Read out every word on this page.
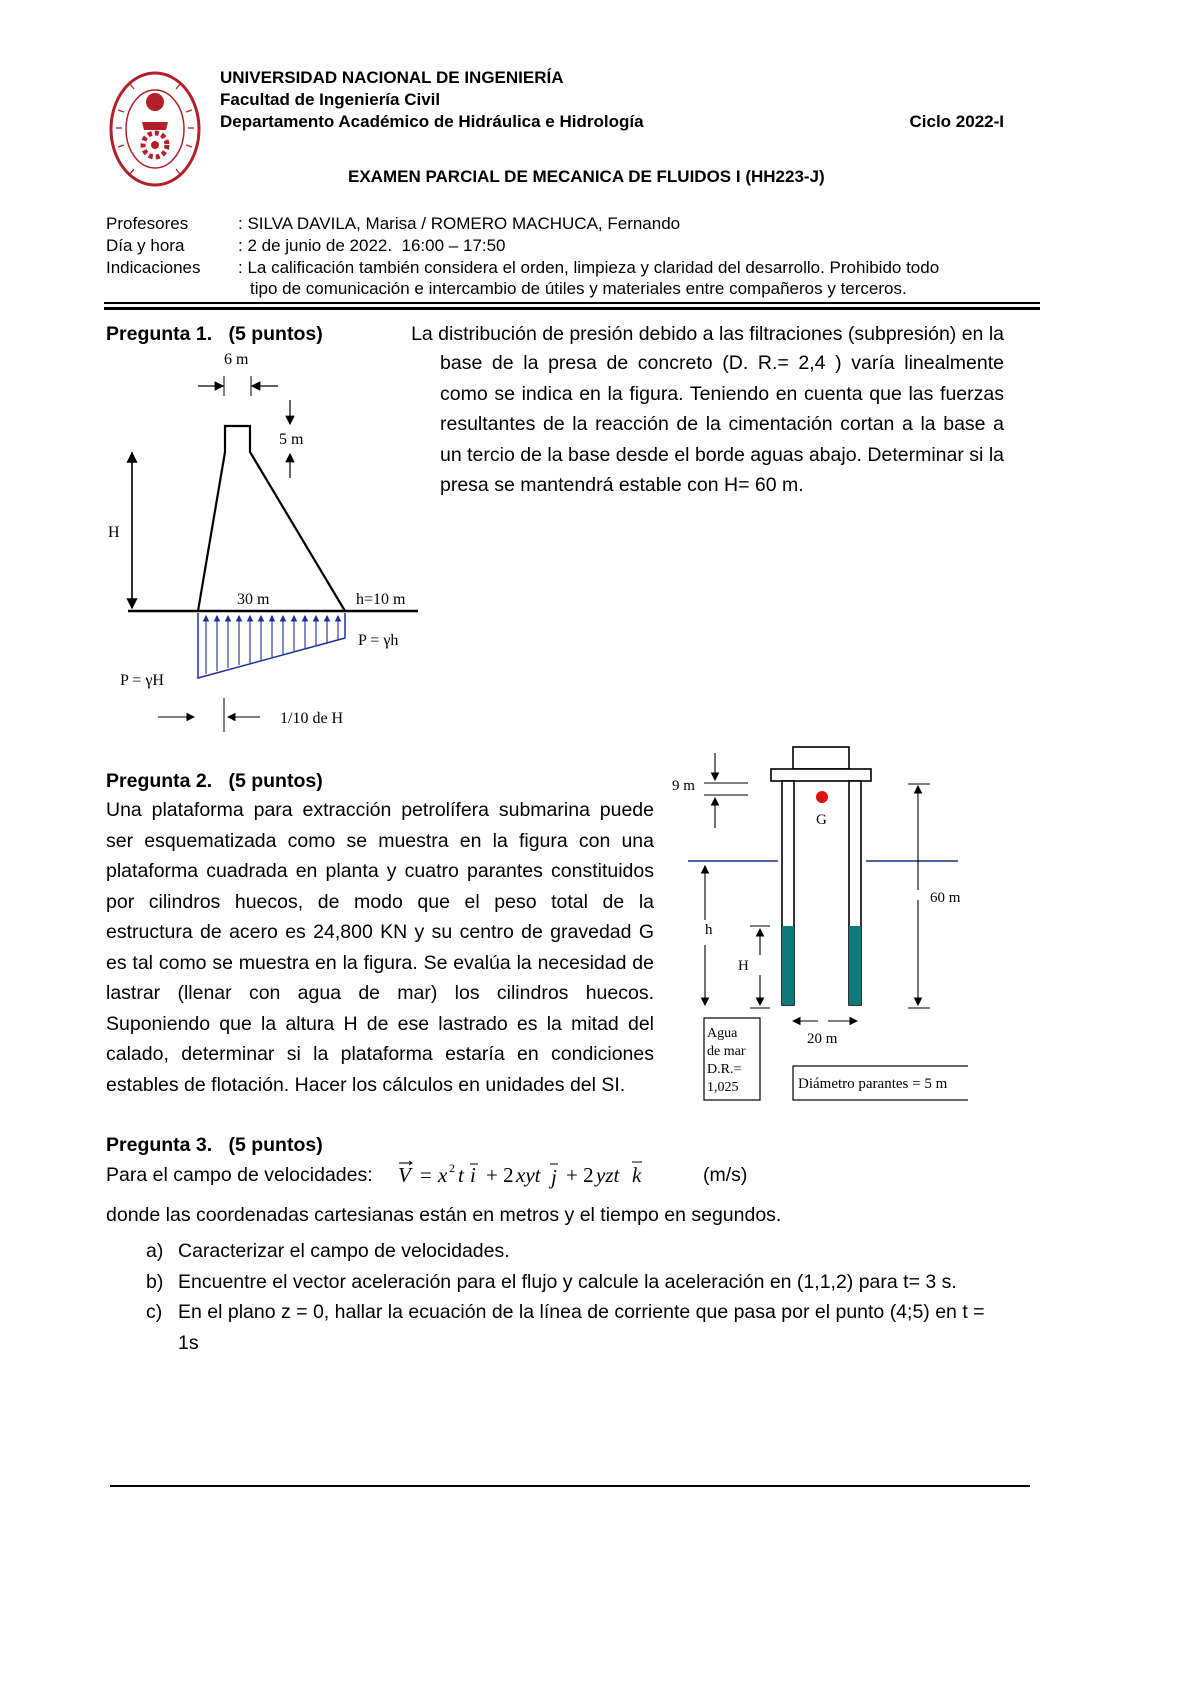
UNIVERSIDAD NACIONAL DE INGENIERÍA
Facultad de Ingeniería Civil
Departamento Académico de Hidráulica e Hidrología	Ciclo 2022-I
EXAMEN PARCIAL DE MECANICA DE FLUIDOS I (HH223-J)
Profesores	: SILVA DAVILA, Marisa / ROMERO MACHUCA, Fernando
Día y hora	: 2 de junio de 2022.  16:00 – 17:50
Indicaciones : La calificación también considera el orden, limpieza y claridad del desarrollo. Prohibido todo
tipo de comunicación e intercambio de útiles y materiales entre compañeros y terceros.
Pregunta 1. (5 puntos)	La distribución de presión debido a las filtraciones (subpresión) en la
base de la presa de concreto (D. R.= 2,4 ) varía linealmente como se indica en la figura. Teniendo en cuenta que las fuerzas resultantes de la reacción de la cimentación cortan a la base a un tercio de la base desde el borde aguas abajo. Determinar si la presa se mantendrá estable con H= 60 m.
H
6 m
5 m
30 m	h=10 m
P = γh
P = γH
1/10 de H
Pregunta 2. (5 puntos)
Una plataforma para extracción petrolífera submarina puede ser esquematizada como se muestra en la figura con una plataforma cuadrada en planta y cuatro parantes constituidos por cilindros huecos, de modo que el peso total de la estructura de acero es 24,800 KN y su centro de gravedad G es tal como se muestra en la figura. Se evalúa la necesidad de lastrar (llenar con agua de mar) los cilindros huecos. Suponiendo que la altura H de ese lastrado es la mitad del calado, determinar si la plataforma estaría en condiciones estables de flotación. Hacer los cálculos en unidades del SI.
G
9 m
60 m
h
H
20 m
Agua
de mar
D.R.=
1,025	Diámetro parantes = 5 m
Pregunta 3. (5 puntos)
Para el campo de velocidades: V = x 2 t i + 2 xyt j + 2 yzt k	(m/s)
donde las coordenadas cartesianas están en metros y el tiempo en segundos.
a) Caracterizar el campo de velocidades.
b) Encuentre el vector aceleración para el flujo y calcule la aceleración en (1,1,2) para t= 3 s.
c) En el plano z = 0, hallar la ecuación de la línea de corriente que pasa por el punto (4;5) en t = 1s
